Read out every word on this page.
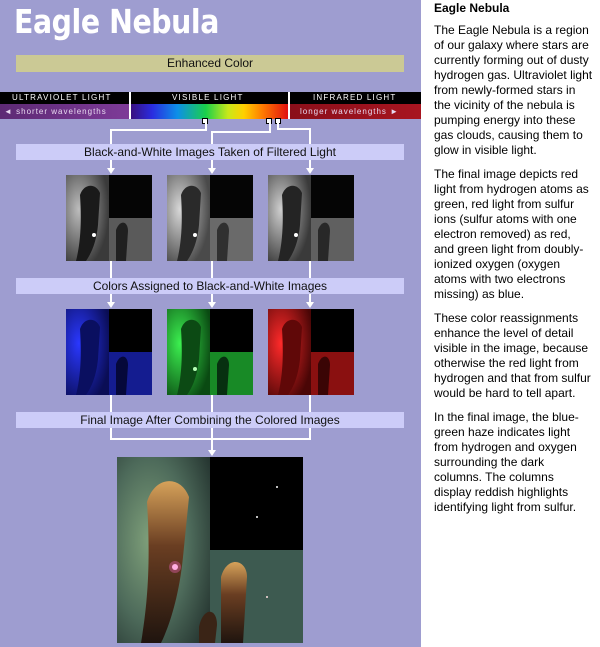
Eagle Nebula
Enhanced Color
ULTRAVIOLET LIGHT	VISIBLE LIGHT	INFRARED LIGHT
◄ shorter wavelengths	longer wavelengths ►
Black-and-White Images Taken of Filtered Light
Colors Assigned to Black-and-White Images
Final Image After Combining the Colored Images
Eagle Nebula

The Eagle Nebula is a region of our galaxy where stars are currently forming out of dusty hydrogen gas. Ultraviolet light from newly-formed stars in the vicinity of the nebula is pumping energy into these gas clouds, causing them to glow in visible light.

The final image depicts red light from hydrogen atoms as green, red light from sulfur ions (sulfur atoms with one electron removed) as red, and green light from doubly-ionized oxygen (oxygen atoms with two electrons missing) as blue.

These color reassignments enhance the level of detail visible in the image, because otherwise the red light from hydrogen and that from sulfur would be hard to tell apart.

In the final image, the blue-green haze indicates light from hydrogen and oxygen surrounding the dark columns. The columns display reddish highlights identifying light from sulfur.
